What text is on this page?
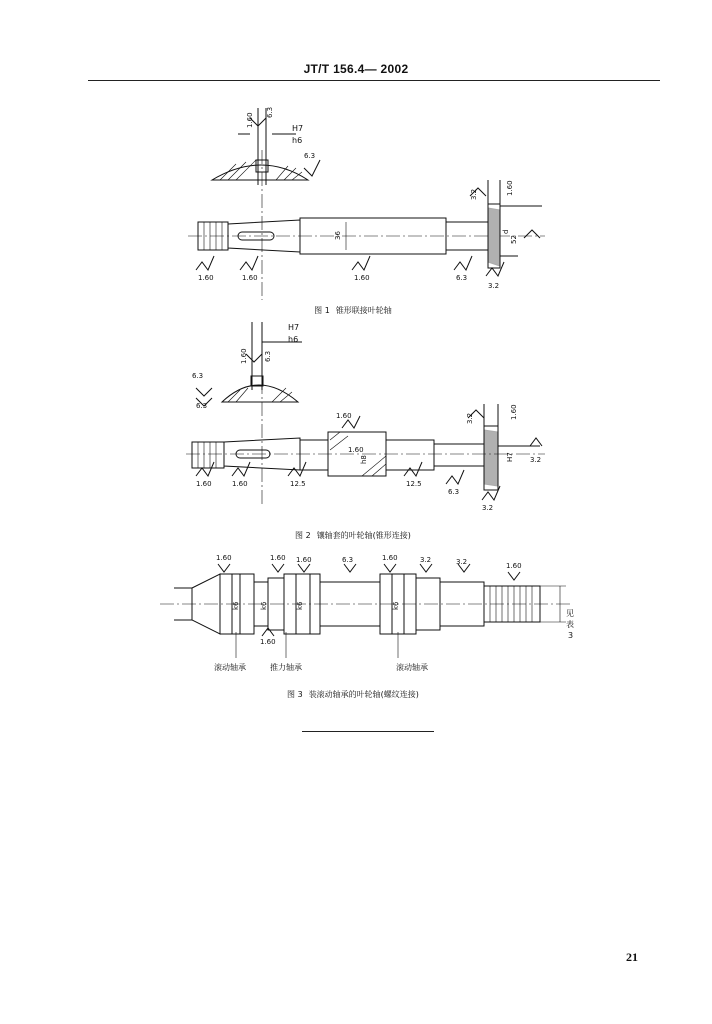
JT/T 156.4— 2002
H7
h6
1.60 6.3
6.3
3.2	1.60
1.60	1.60	1.60	6.3
3.2
36	52
d
图 1 锥形联接叶轮轴
H7
h6
1.60 6.3
6.3
6.3
1.60
1.60
3.2	1.60
3.2
1.60	1.60	12.5	12.5
6.3
3.2
h8	H7
图 2 镶轴套的叶轮轴(锥形连接)
1.60	1.60 1.60	6.3	1.60	3.2	3.2	1.60
1.60
k6	k6	k6	k6
见
表
3
滚动轴承	推力轴承	滚动轴承
图 3 装滚动轴承的叶轮轴(螺纹连接)
21
